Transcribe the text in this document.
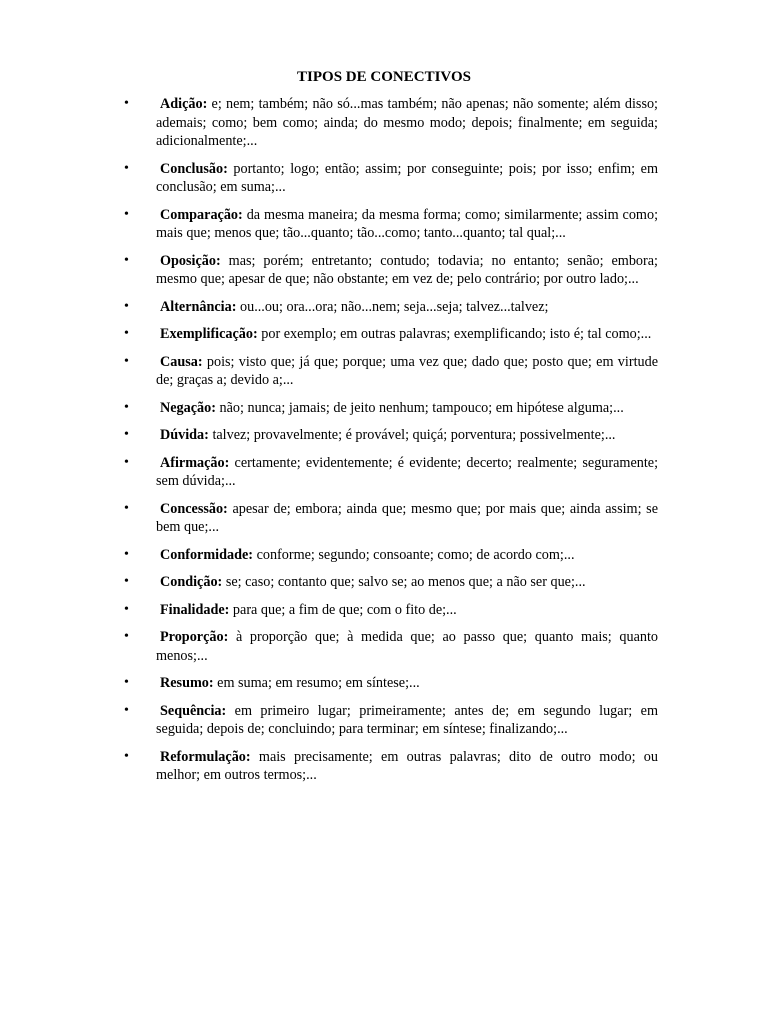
TIPOS DE CONECTIVOS
• Adição: e; nem; também; não só...mas também; não apenas; não somente; além disso; ademais; como; bem como; ainda; do mesmo modo; depois; finalmente; em seguida; adicionalmente;...
• Conclusão: portanto; logo; então; assim; por conseguinte; pois; por isso; enfim; em conclusão; em suma;...
• Comparação: da mesma maneira; da mesma forma; como; similarmente; assim como; mais que; menos que; tão...quanto; tão...como; tanto...quanto; tal qual;...
• Oposição: mas; porém; entretanto; contudo; todavia; no entanto; senão; embora; mesmo que; apesar de que; não obstante; em vez de; pelo contrário; por outro lado;...
• Alternância: ou...ou; ora...ora; não...nem; seja...seja; talvez...talvez;
• Exemplificação: por exemplo; em outras palavras; exemplificando; isto é; tal como;...
• Causa: pois; visto que; já que; porque; uma vez que; dado que; posto que; em virtude de; graças a; devido a;...
• Negação: não; nunca; jamais; de jeito nenhum; tampouco; em hipótese alguma;...
• Dúvida: talvez; provavelmente; é provável; quiçá; porventura; possivelmente;...
• Afirmação: certamente; evidentemente; é evidente; decerto; realmente; seguramente; sem dúvida;...
• Concessão: apesar de; embora; ainda que; mesmo que; por mais que; ainda assim; se bem que;...
• Conformidade: conforme; segundo; consoante; como; de acordo com;...
• Condição: se; caso; contanto que; salvo se; ao menos que; a não ser que;...
• Finalidade: para que; a fim de que; com o fito de;...
• Proporção: à proporção que; à medida que; ao passo que; quanto mais; quanto menos;...
• Resumo: em suma; em resumo; em síntese;...
• Sequência: em primeiro lugar; primeiramente; antes de; em segundo lugar; em seguida; depois de; concluindo; para terminar; em síntese; finalizando;...
• Reformulação: mais precisamente; em outras palavras; dito de outro modo; ou melhor; em outros termos;...
